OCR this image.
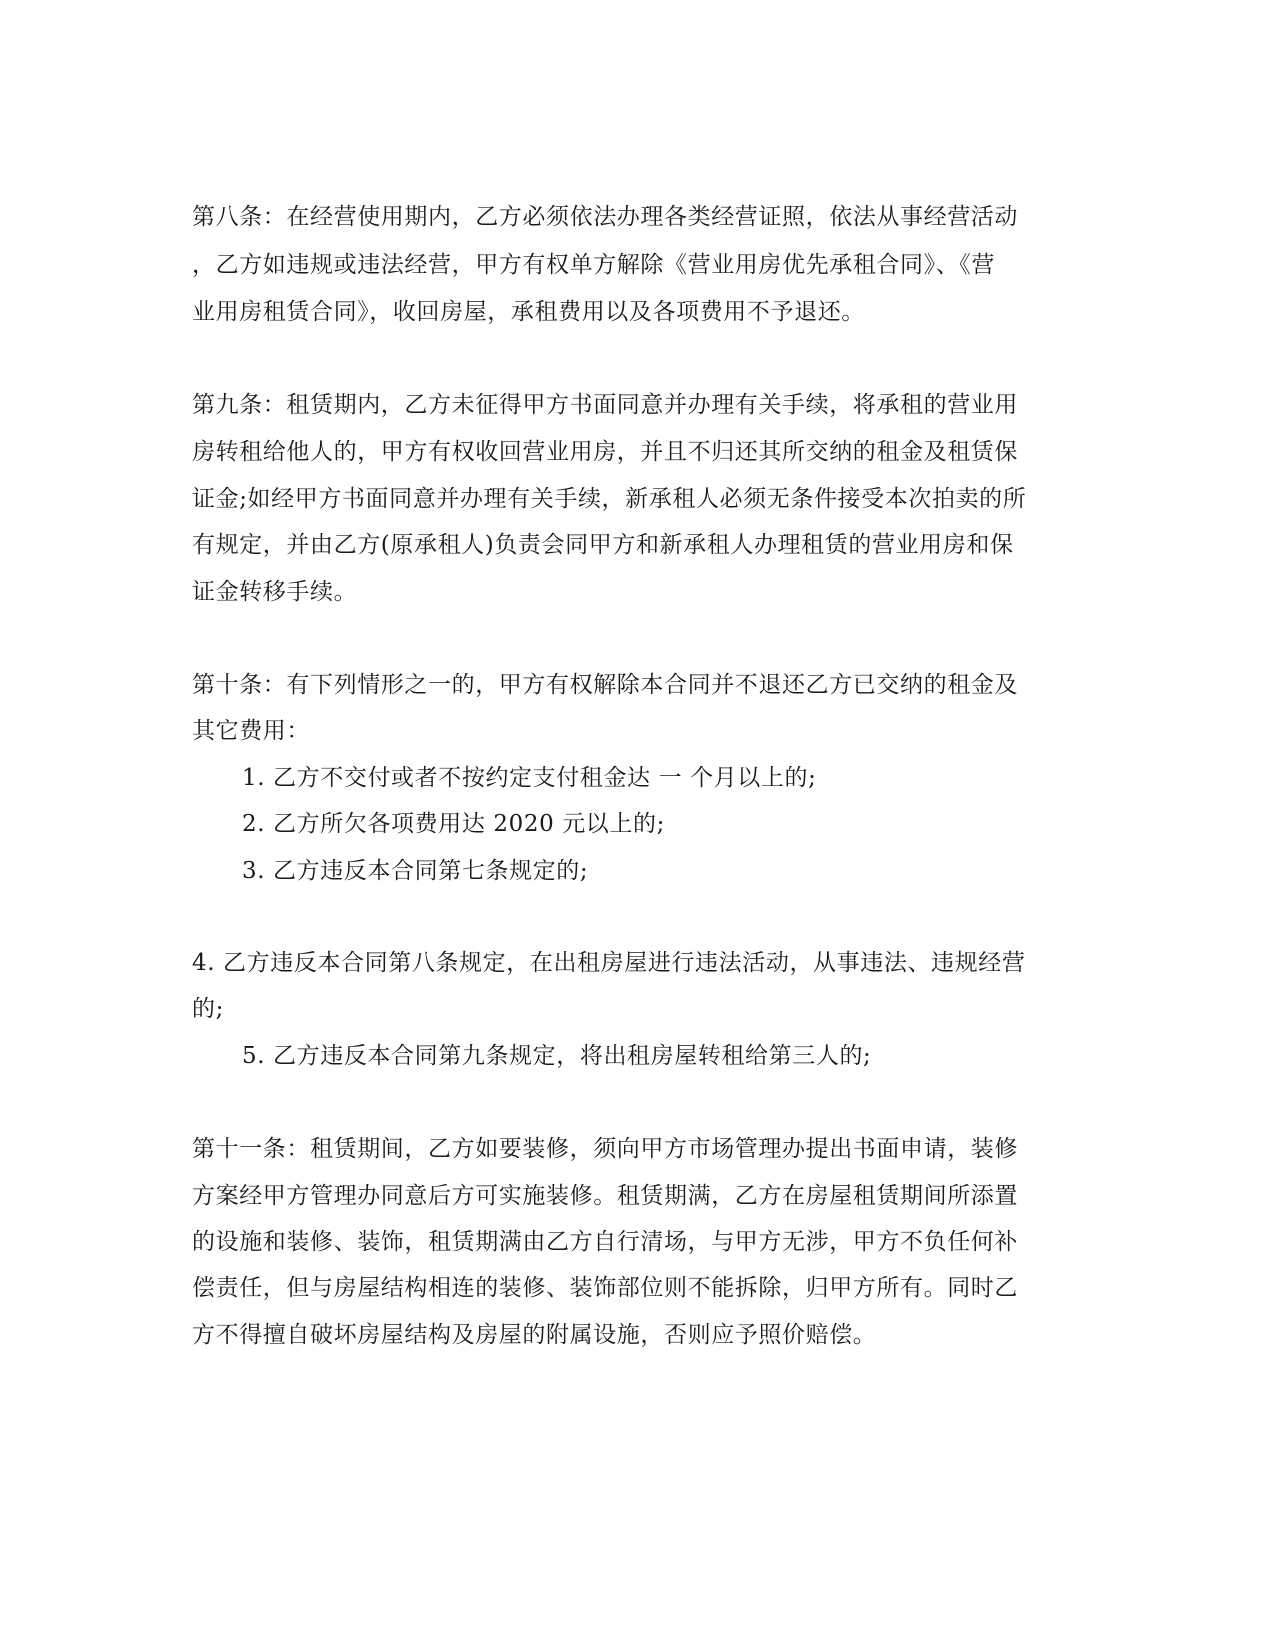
第八条：在经营使用期内，乙方必须依法办理各类经营证照，依法从事经营活动
，乙方如违规或违法经营，甲方有权单方解除《营业用房优先承租合同》、《营
业用房租赁合同》，收回房屋，承租费用以及各项费用不予退还。
第九条：租赁期内，乙方未征得甲方书面同意并办理有关手续，将承租的营业用
房转租给他人的，甲方有权收回营业用房，并且不归还其所交纳的租金及租赁保
证金;如经甲方书面同意并办理有关手续，新承租人必须无条件接受本次拍卖的所
有规定，并由乙方(原承租人)负责会同甲方和新承租人办理租赁的营业用房和保
证金转移手续。
第十条：有下列情形之一的，甲方有权解除本合同并不退还乙方已交纳的租金及
其它费用：
1. 乙方不交付或者不按约定支付租金达 一 个月以上的;
2. 乙方所欠各项费用达 2020 元以上的;
3. 乙方违反本合同第七条规定的;
4. 乙方违反本合同第八条规定，在出租房屋进行违法活动，从事违法、违规经营
的;
5. 乙方违反本合同第九条规定，将出租房屋转租给第三人的;
第十一条：租赁期间，乙方如要装修，须向甲方市场管理办提出书面申请，装修
方案经甲方管理办同意后方可实施装修。租赁期满，乙方在房屋租赁期间所添置
的设施和装修、装饰，租赁期满由乙方自行清场，与甲方无涉，甲方不负任何补
偿责任，但与房屋结构相连的装修、装饰部位则不能拆除，归甲方所有。同时乙
方不得擅自破坏房屋结构及房屋的附属设施，否则应予照价赔偿。
